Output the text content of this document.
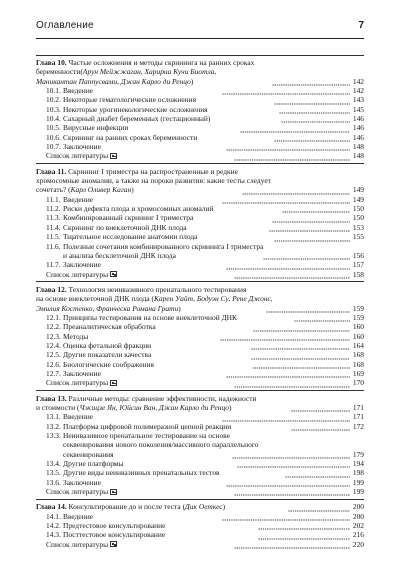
Оглавление	7
Глава 10. Частые осложнения и методы скрининга на ранних сроках
беременности(Арун Мейжжаган, Харириа Кучи Биотла,
Маникантан Паппусвами, Джан Карло ди Ренцо)	142
10.1. Введение	142
10.2. Некоторые гематологические осложнения	143
10.3. Некоторые урогинекологические осложнения	145
10.4. Сахарный диабет беременных (гестационный)	146
10.5. Вирусные инфекции	146
10.6. Скрининг на ранних сроках беременности	146
10.7. Заключение	148
Список литературы	148
Глава 11. Скрининг I триместра на распространенные и редкие
хромосомные аномалии, а также на пороки развития: какие тесты следует
сочетать? (Карл Оливер Каган)	149
11.1. Введение	149
11.2. Риски дефекта плода и хромосомных аномалий	150
11.3. Комбинированный скрининг I триместра	150
11.4. Скрининг по внеклеточной ДНК плода	153
11.5. Тщательное исследование анатомии плода	155
11.6. Полезные сочетания комбинированного скрининга I триместра
и анализа бесклеточной ДНК плода	156
11.7. Заключение	157
Список литературы	158
Глава 12. Технология неинвазивного пренатального тестирования
на основе внеклеточной ДНК плода (Карен Уайт, Бодуэн Су, Рене Джонс,
Эмилия Костенко, Франческа Романа Грати)	159
12.1. Принципы тестирования на основе внеклеточной ДНК	159
12.2. Преаналитическая обработка	160
12.3. Методы	160
12.4. Оценка фетальной фракции	164
12.5. Другие показатели качества	168
12.6. Биологические соображения	168
12.7. Заключение	169
Список литературы	170
Глава 13. Различные методы: сравнение эффективности, надежности
и стоимости (Чжицзе Ян, Юйсин Ван, Джан Карло ди Ренцо)	171
13.1. Введение	171
13.2. Платформа цифровой полимеразной цепной реакции	172
13.3. Неинвазивное пренатальное тестирование на основе
секвенирования нового поколения/массивного параллельного
секвенирования	179
13.4. Другие платформы	194
13.5. Другие виды неинвазивных пренатальных тестов	198
13.6. Заключение	199
Список литературы	199
Глава 14. Консультирование до и после теста (Дик Оеткес)	200
14.1. Введение	200
14.2. Предтестовое консультирование	202
14.3. Посттестовое консультирование	216
Список литературы	220
